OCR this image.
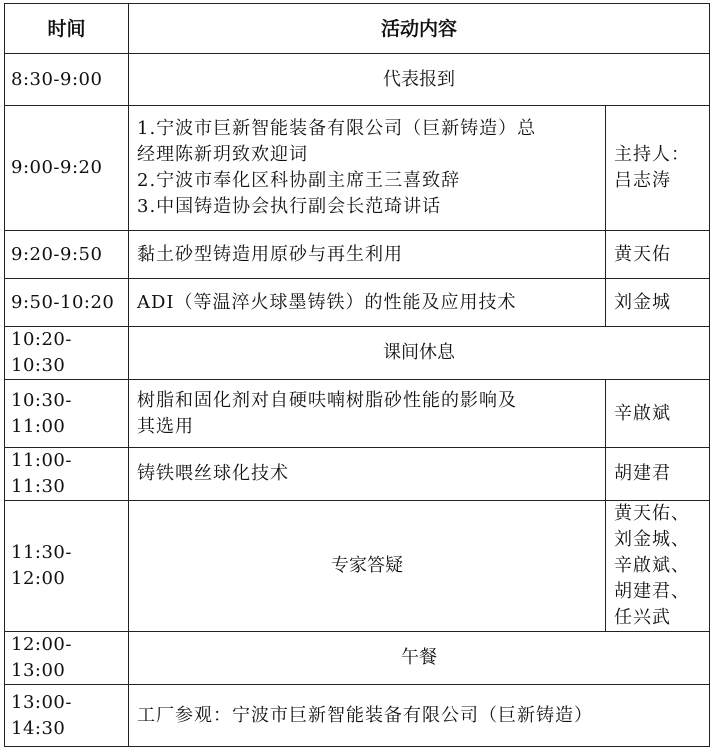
时间	活动内容	
8:30-9:00	代表报到	
9:00-9:20	1.宁波市巨新智能装备有限公司（巨新铸造）总
经理陈新玥致欢迎词
2.宁波市奉化区科协副主席王三喜致辞
3.中国铸造协会执行副会长范琦讲话	主持人：
吕志涛

9:20-9:50	黏土砂型铸造用原砂与再生利用	黄天佑
9:50-10:20	ADI（等温淬火球墨铸铁）的性能及应用技术	刘金城
10:20-10:30	课间休息	
10:30-11:00	树脂和固化剂对自硬呋喃树脂砂性能的影响及
其选用	辛啟斌
11:00-11:30	铸铁喂丝球化技术	胡建君
11:30-12:00	专家答疑	黄天佑、
刘金城、
辛啟斌、
胡建君、
任兴武

12:00-13:00	午餐	
13:00-14:30	工厂参观：宁波市巨新智能装备有限公司（巨新铸造）	
